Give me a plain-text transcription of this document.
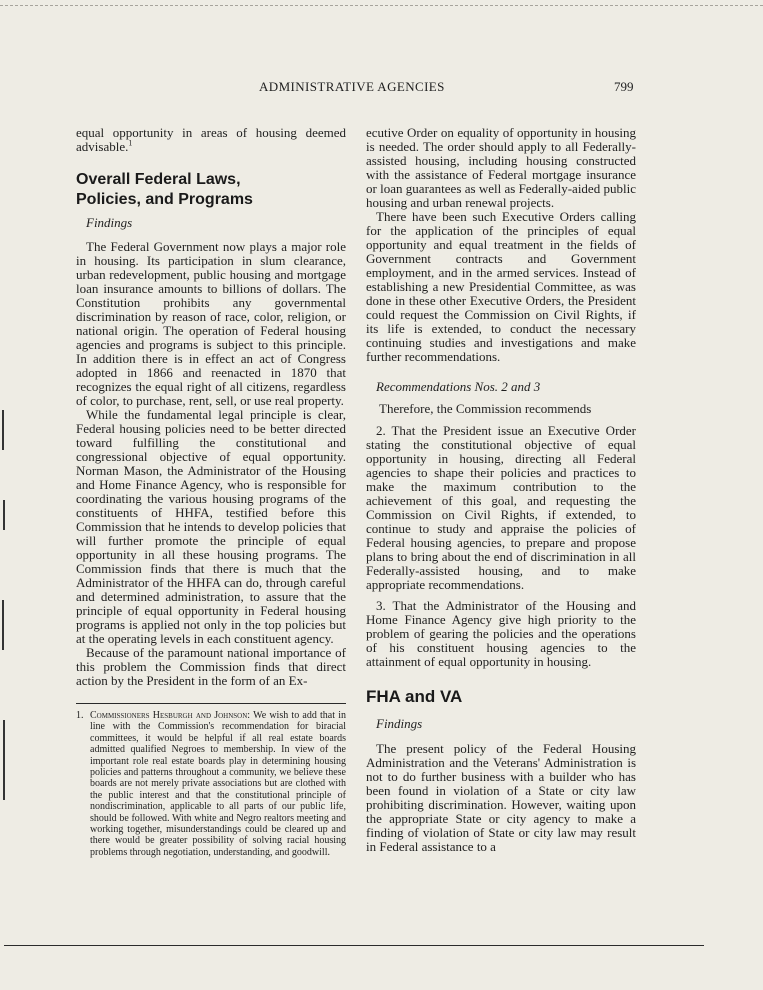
ADMINISTRATIVE AGENCIES	799

equal opportunity in areas of housing deemed advisable.$^1$

Overall Federal Laws,
Policies, and Programs

Findings

The Federal Government now plays a major role in housing. Its participation in slum clearance, urban redevelopment, public housing and mortgage loan insurance amounts to billions of dollars. The Constitution prohibits any governmental discrimination by reason of race, color, religion, or national origin. The operation of Federal housing agencies and programs is subject to this principle. In addition there is in effect an act of Congress adopted in 1866 and reenacted in 1870 that recognizes the equal right of all citizens, regardless of color, to purchase, rent, sell, or use real property.

While the fundamental legal principle is clear, Federal housing policies need to be better directed toward fulfilling the constitutional and congressional objective of equal opportunity. Norman Mason, the Administrator of the Housing and Home Finance Agency, who is responsible for coordinating the various housing programs of the constituents of HHFA, testified before this Commission that he intends to develop policies that will further promote the principle of equal opportunity in all these housing programs. The Commission finds that there is much that the Administrator of the HHFA can do, through careful and determined administration, to assure that the principle of equal opportunity in Federal housing programs is applied not only in the top policies but at the operating levels in each constituent agency.

Because of the paramount national importance of this problem the Commission finds that direct action by the President in the form of an Ex-

1. Commissioners Hesburgh and Johnson: We wish to add that in line with the Commission's recommendation for biracial committees, it would be helpful if all real estate boards admitted qualified Negroes to membership. In view of the important role real estate boards play in determining housing policies and patterns throughout a community, we believe these boards are not merely private associations but are clothed with the public interest and that the constitutional principle of nondiscrimination, applicable to all parts of our public life, should be followed. With white and Negro realtors meeting and working together, misunderstandings could be cleared up and there would be greater possibility of solving racial housing problems through negotiation, understanding, and goodwill.

ecutive Order on equality of opportunity in housing is needed. The order should apply to all Federally-assisted housing, including housing constructed with the assistance of Federal mortgage insurance or loan guarantees as well as Federally-aided public housing and urban renewal projects.

There have been such Executive Orders calling for the application of the principles of equal opportunity and equal treatment in the fields of Government contracts and Government employment, and in the armed services. Instead of establishing a new Presidential Committee, as was done in these other Executive Orders, the President could request the Commission on Civil Rights, if its life is extended, to conduct the necessary continuing studies and investigations and make further recommendations.

Recommendations Nos. 2 and 3

Therefore, the Commission recommends

2. That the President issue an Executive Order stating the constitutional objective of equal opportunity in housing, directing all Federal agencies to shape their policies and practices to make the maximum contribution to the achievement of this goal, and requesting the Commission on Civil Rights, if extended, to continue to study and appraise the policies of Federal housing agencies, to prepare and propose plans to bring about the end of discrimination in all Federally-assisted housing, and to make appropriate recommendations.

3. That the Administrator of the Housing and Home Finance Agency give high priority to the problem of gearing the policies and the operations of his constituent housing agencies to the attainment of equal opportunity in housing.

FHA and VA

Findings

The present policy of the Federal Housing Administration and the Veterans' Administration is not to do further business with a builder who has been found in violation of a State or city law prohibiting discrimination. However, waiting upon the appropriate State or city agency to make a finding of violation of State or city law may result in Federal assistance to a
